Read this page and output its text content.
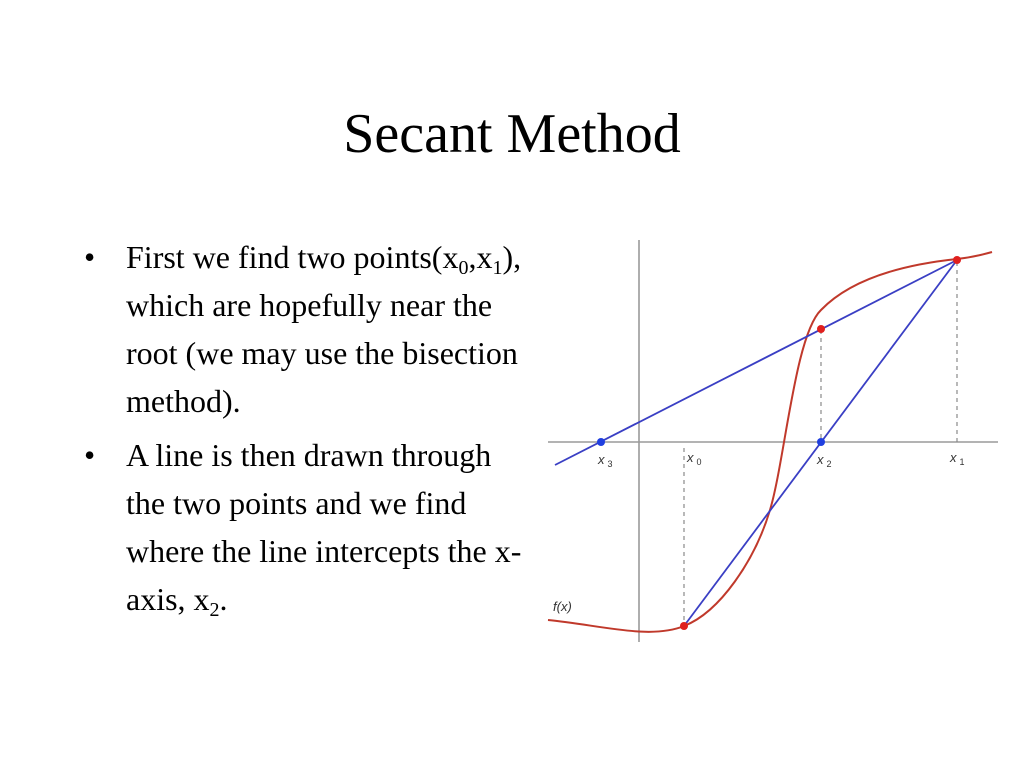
Secant Method
• First we find two $points(x_0,x_1)$, which are hopefully near the root (we may use the bisection method).
• A line is then drawn through the two points and we find where the line intercepts the x-axis, $x_2$.
x 3	x 0	x 2	x 1
f(x)
